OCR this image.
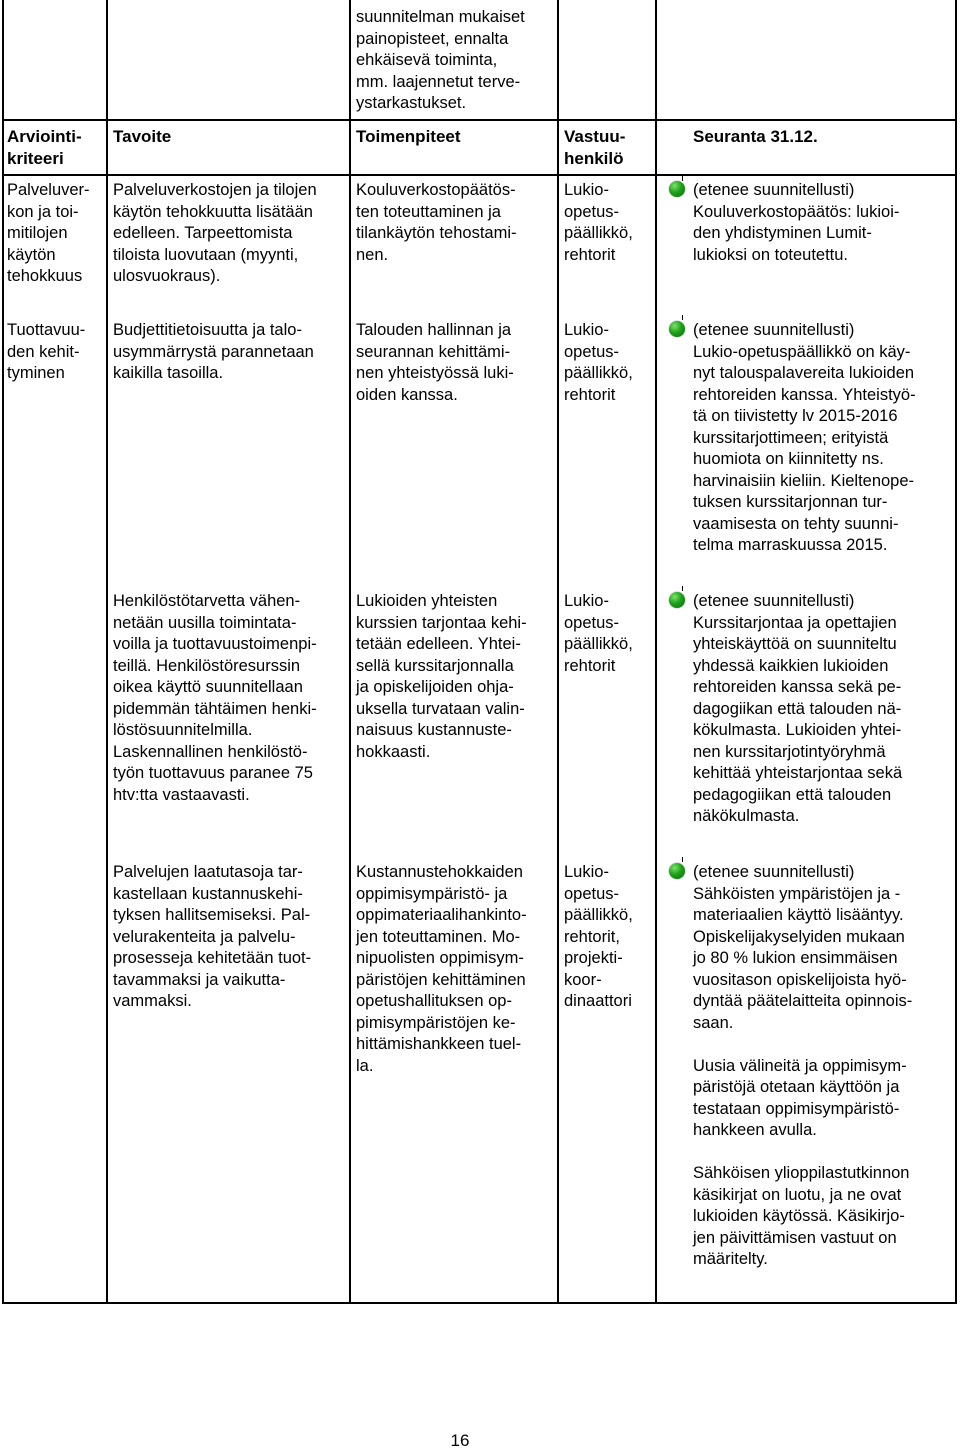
suunnitelman mukaiset
painopisteet, ennalta
ehkäisevä toiminta,
mm. laajennetut terve-
ystarkastukset.
Arviointi-
kriteeri
Tavoite	Toimenpiteet	Vastuu-
henkilö
Seuranta 31.12.
Palveluver-
kon ja toi-
mitilojen
käytön
tehokkuus
Palveluverkostojen ja tilojen
käytön tehokkuutta lisätään
edelleen. Tarpeettomista
tiloista luovutaan (myynti,
ulosvuokraus).
Kouluverkostopäätös-
ten toteuttaminen ja
tilankäytön tehostami-
nen.
Lukio-
opetus-
päällikkö,
rehtorit
(etenee suunnitellusti)
Kouluverkostopäätös: lukioi-
den yhdistyminen Lumit-
lukioksi on toteutettu.
Tuottavuu-
den kehit-
tyminen
Budjettitietoisuutta ja talo-
usymmärrystä parannetaan
kaikilla tasoilla.
Talouden hallinnan ja
seurannan kehittämi-
nen yhteistyössä luki-
oiden kanssa.
Lukio-
opetus-
päällikkö,
rehtorit
(etenee suunnitellusti)
Lukio-opetuspäällikkö on käy-
nyt talouspalavereita lukioiden
rehtoreiden kanssa. Yhteistyö-
tä on tiivistetty lv 2015-2016
kurssitarjottimeen; erityistä
huomiota on kiinnitetty ns.
harvinaisiin kieliin. Kieltenope-
tuksen kurssitarjonnan tur-
vaamisesta on tehty suunni-
telma marraskuussa 2015.
Henkilöstötarvetta vähen-
netään uusilla toimintata-
voilla ja tuottavuustoimenpi-
teillä. Henkilöstöresurssin
oikea käyttö suunnitellaan
pidemmän tähtäimen henki-
löstösuunnitelmilla.
Laskennallinen henkilöstö-
työn tuottavuus paranee 75
htv:tta vastaavasti.
Lukioiden yhteisten
kurssien tarjontaa kehi-
tetään edelleen. Yhtei-
sellä kurssitarjonnalla
ja opiskelijoiden ohja-
uksella turvataan valin-
naisuus kustannuste-
hokkaasti.
Lukio-
opetus-
päällikkö,
rehtorit
(etenee suunnitellusti)
Kurssitarjontaa ja opettajien
yhteiskäyttöä on suunniteltu
yhdessä kaikkien lukioiden
rehtoreiden kanssa sekä pe-
dagogiikan että talouden nä-
kökulmasta. Lukioiden yhtei-
nen kurssitarjotintyöryhmä
kehittää yhteistarjontaa sekä
pedagogiikan että talouden
näkökulmasta.
Palvelujen laatutasoja tar-
kastellaan kustannuskehi-
tyksen hallitsemiseksi. Pal-
velurakenteita ja palvelu-
prosesseja kehitetään tuot-
tavammaksi ja vaikutta-
vammaksi.
Kustannustehokkaiden
oppimisympäristö- ja
oppimateriaalihankinto-
jen toteuttaminen. Mo-
nipuolisten oppimisym-
päristöjen kehittäminen
opetushallituksen op-
pimisympäristöjen ke-
hittämishankkeen tuel-
la.
Lukio-
opetus-
päällikkö,
rehtorit,
projekti-
koor-
dinaattori
(etenee suunnitellusti)
Sähköisten ympäristöjen ja -
materiaalien käyttö lisääntyy.
Opiskelijakyselyiden mukaan
jo 80 % lukion ensimmäisen
vuositason opiskelijoista hyö-
dyntää päätelaitteita opinnois-
saan.

Uusia välineitä ja oppimisym-
päristöjä otetaan käyttöön ja
testataan oppimisympäristö-
hankkeen avulla.

Sähköisen ylioppilastutkinnon
käsikirjat on luotu, ja ne ovat
lukioiden käytössä. Käsikirjo-
jen päivittämisen vastuut on
määritelty.
16
